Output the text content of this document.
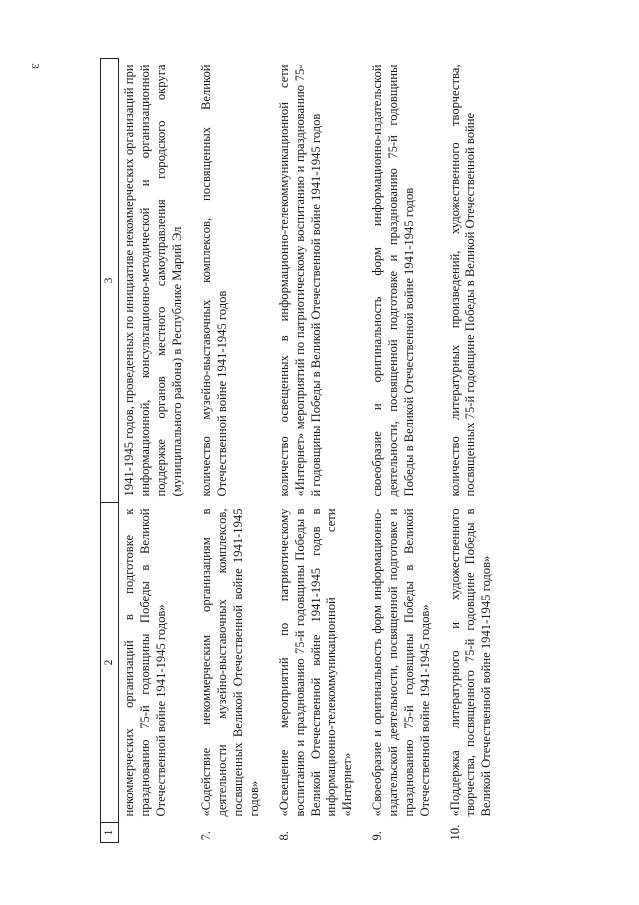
3
1	2	3
	некоммерческих организаций в подготовке к празднованию 75-й годовщины Победы в Великой Отечественной войне 1941-1945 годов»	1941-1945 годов, проведенных по инициативе некоммерческих организаций при информационной, консультационно-методической и организационной поддержке органов местного самоуправления городского округа (муниципального района) в Республике Марий Эл
7.	«Содействие некоммерческим организациям в деятельности музейно-выставочных комплексов, посвященных Великой Отечественной войне 1941-1945 годов»	количество музейно-выставочных комплексов, посвященных Великой Отечественной войне 1941-1945 годов
8.	«Освещение мероприятий по патриотическому воспитанию и празднованию 75-й годовщины Победы в Великой Отечественной войне 1941-1945 годов в информационно-телекоммуникационной сети «Интернет»	количество освещенных в информационно-телекоммуникационной сети «Интернет» мероприятий по патриотическому воспитанию и празднованию 75-й годовщины Победы в Великой Отечественной войне 1941-1945 годов
9.	«Своеобразие и оригинальность форм информационно-издательской деятельности, посвященной подготовке и празднованию 75-й годовщины Победы в Великой Отечественной войне 1941-1945 годов»	своеобразие и оригинальность форм информационно-издательской деятельности, посвященной подготовке и празднованию 75-й годовщины Победы в Великой Отечественной войне 1941-1945 годов
10.	«Поддержка литературного и художественного творчества, посвященного 75-й годовщине Победы в Великой Отечественной войне 1941-1945 годов»	количество литературных произведений, художественного творчества, посвященных 75-й годовщине Победы в Великой Отечественной войне
